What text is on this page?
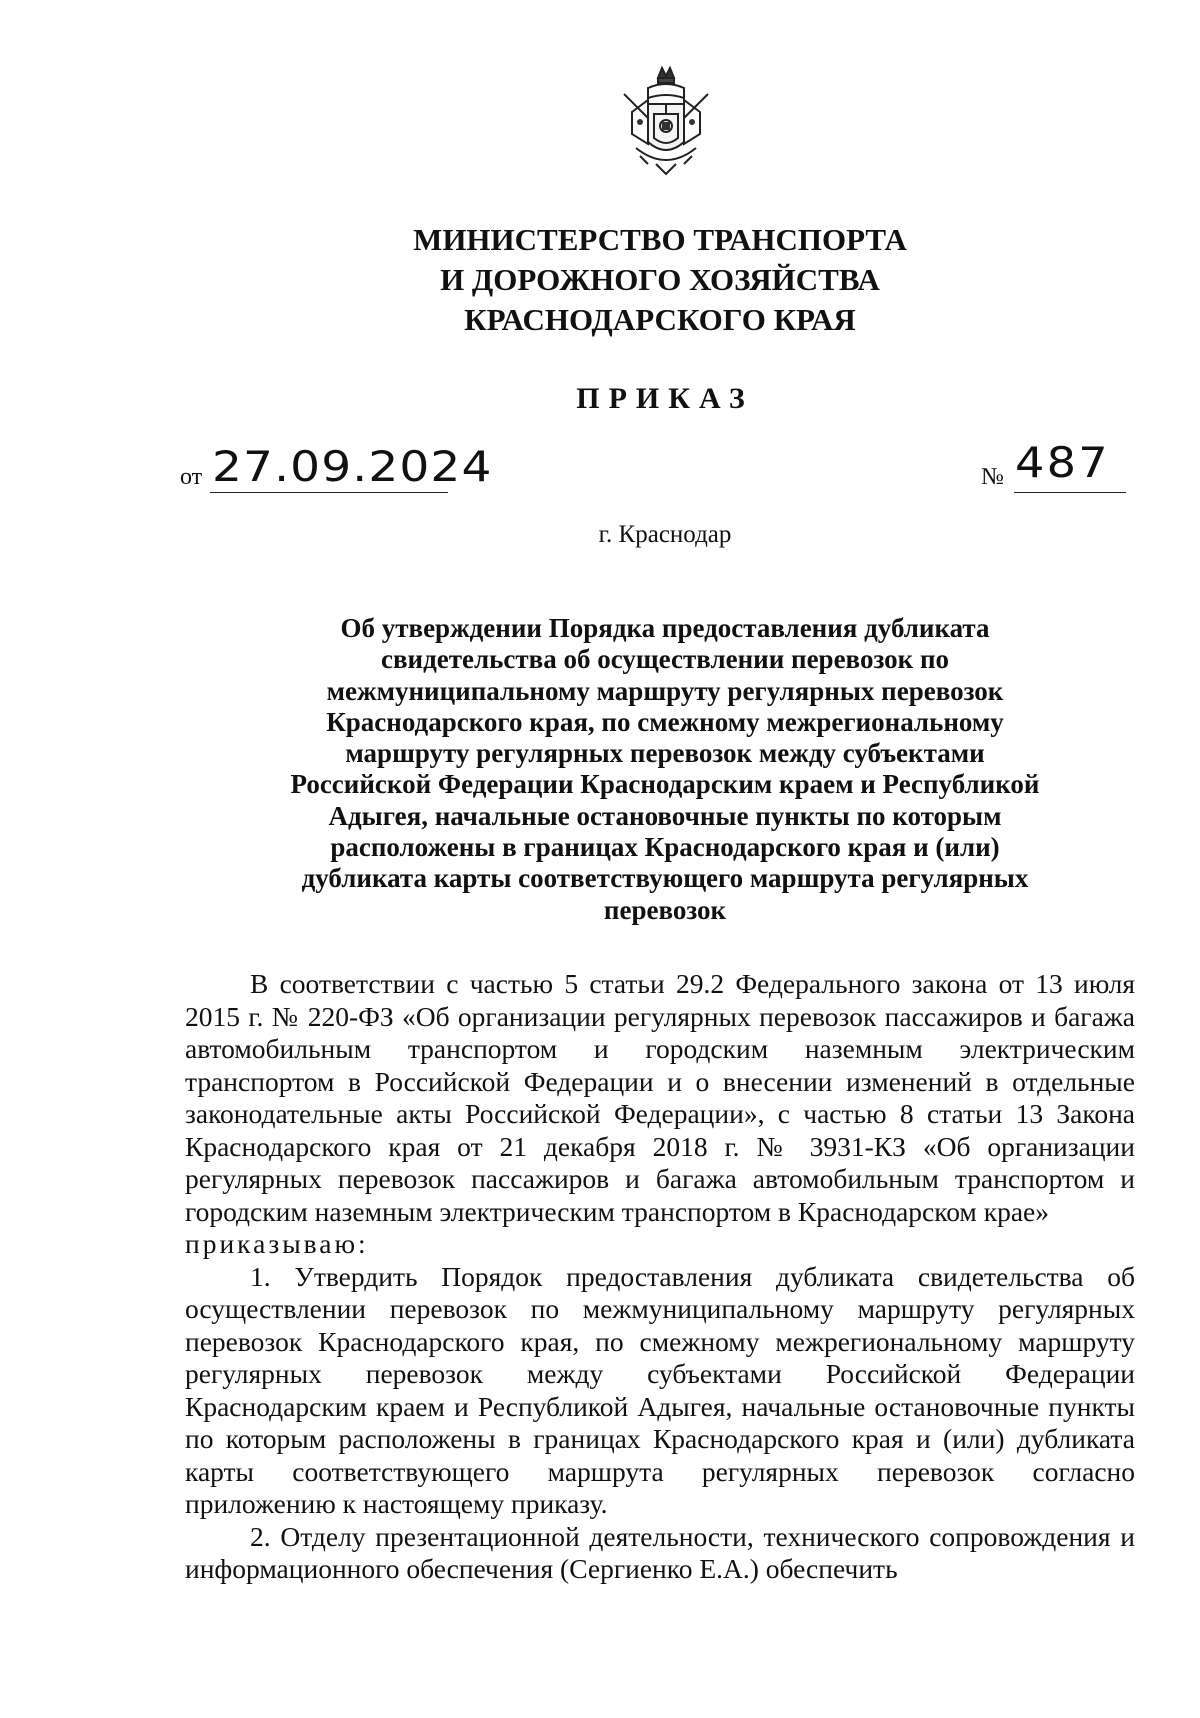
МИНИСТЕРСТВО ТРАНСПОРТА
И ДОРОЖНОГО ХОЗЯЙСТВА
КРАСНОДАРСКОГО КРАЯ
ПРИКАЗ
от 27.09.2024	№ 487
г. Краснодар
Об утверждении Порядка предоставления дубликата
свидетельства об осуществлении перевозок по
межмуниципальному маршруту регулярных перевозок
Краснодарского края, по смежному межрегиональному
маршруту регулярных перевозок между субъектами
Российской Федерации Краснодарским краем и Республикой
Адыгея, начальные остановочные пункты по которым
расположены в границах Краснодарского края и (или)
дубликата карты соответствующего маршрута регулярных
перевозок

В соответствии с частью 5 статьи 29.2 Федерального закона от 13 июля 2015 г. № 220-ФЗ «Об организации регулярных перевозок пассажиров и багажа автомобильным транспортом и городским наземным электрическим транспортом в Российской Федерации и о внесении изменений в отдельные законодательные акты Российской Федерации», с частью 8 статьи 13 Закона Краснодарского края от 21 декабря 2018 г. № 3931-КЗ «Об организации регулярных перевозок пассажиров и багажа автомобильным транспортом и городским наземным электрическим транспортом в Краснодарском крае»

приказываю:

1. Утвердить Порядок предоставления дубликата свидетельства об осуществлении перевозок по межмуниципальному маршруту регулярных перевозок Краснодарского края, по смежному межрегиональному маршруту регулярных перевозок между субъектами Российской Федерации Краснодарским краем и Республикой Адыгея, начальные остановочные пункты по которым расположены в границах Краснодарского края и (или) дубликата карты соответствующего маршрута регулярных перевозок согласно приложению к настоящему приказу.

2. Отделу презентационной деятельности, технического сопровождения и информационного обеспечения (Сергиенко Е.А.) обеспечить
